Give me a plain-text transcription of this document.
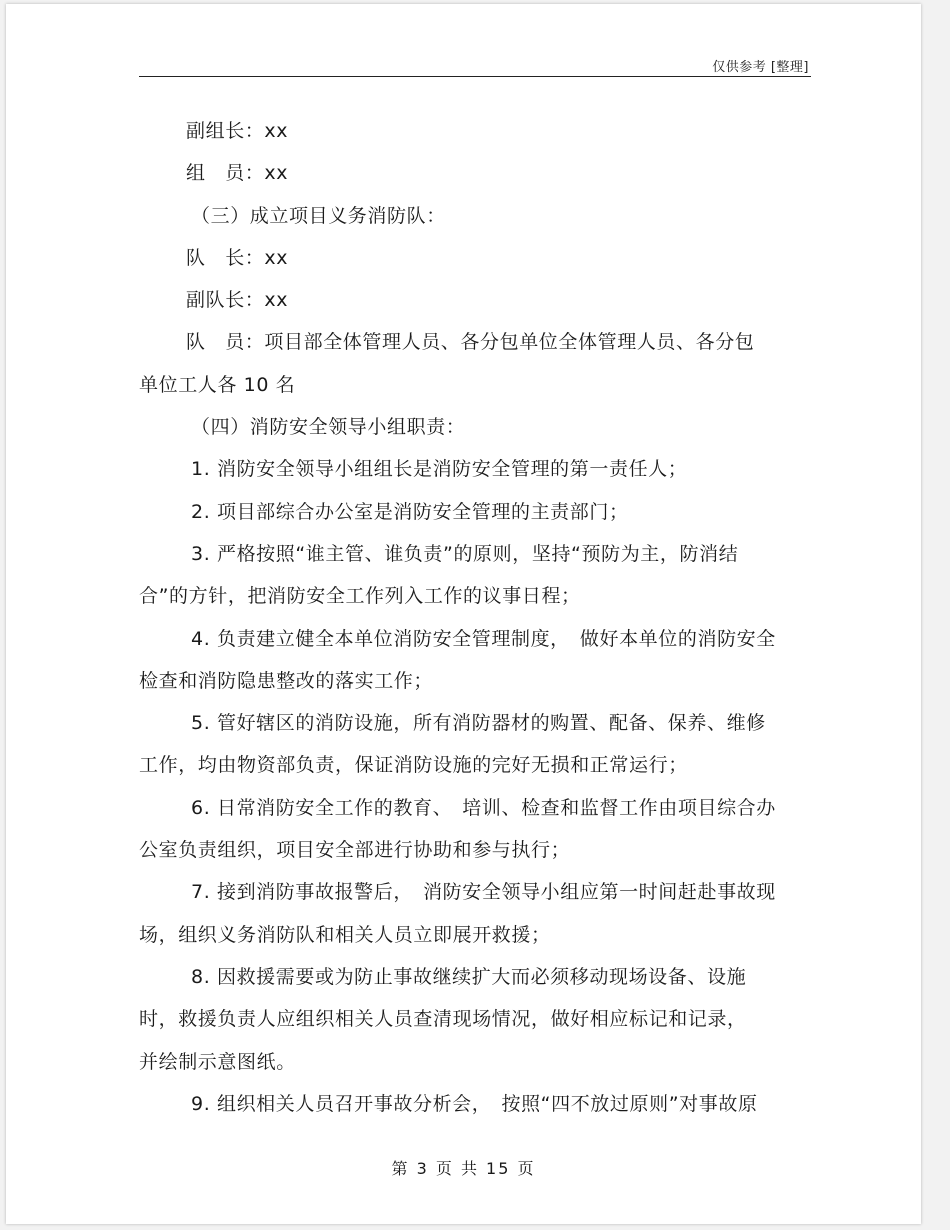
仅供参考 [整理]

副组长：xx

组　员：xx

（三）成立项目义务消防队：

队　长：xx

副队长：xx

队　员：项目部全体管理人员、各分包单位全体管理人员、各分包

单位工人各 10 名

（四）消防安全领导小组职责：

1. 消防安全领导小组组长是消防安全管理的第一责任人；

2. 项目部综合办公室是消防安全管理的主责部门；

3. 严格按照“谁主管、谁负责”的原则，坚持“预防为主，防消结

合”的方针，把消防安全工作列入工作的议事日程；

4. 负责建立健全本单位消防安全管理制度，　做好本单位的消防安全

检查和消防隐患整改的落实工作；

5. 管好辖区的消防设施，所有消防器材的购置、配备、保养、维修

工作，均由物资部负责，保证消防设施的完好无损和正常运行；

6. 日常消防安全工作的教育、　培训、检查和监督工作由项目综合办

公室负责组织，项目安全部进行协助和参与执行；

7. 接到消防事故报警后，　消防安全领导小组应第一时间赶赴事故现

场，组织义务消防队和相关人员立即展开救援；

8. 因救援需要或为防止事故继续扩大而必须移动现场设备、设施

时，救援负责人应组织相关人员查清现场情况，做好相应标记和记录，

并绘制示意图纸。

9. 组织相关人员召开事故分析会，　按照“四不放过原则”对事故原

第 3 页 共 15 页
